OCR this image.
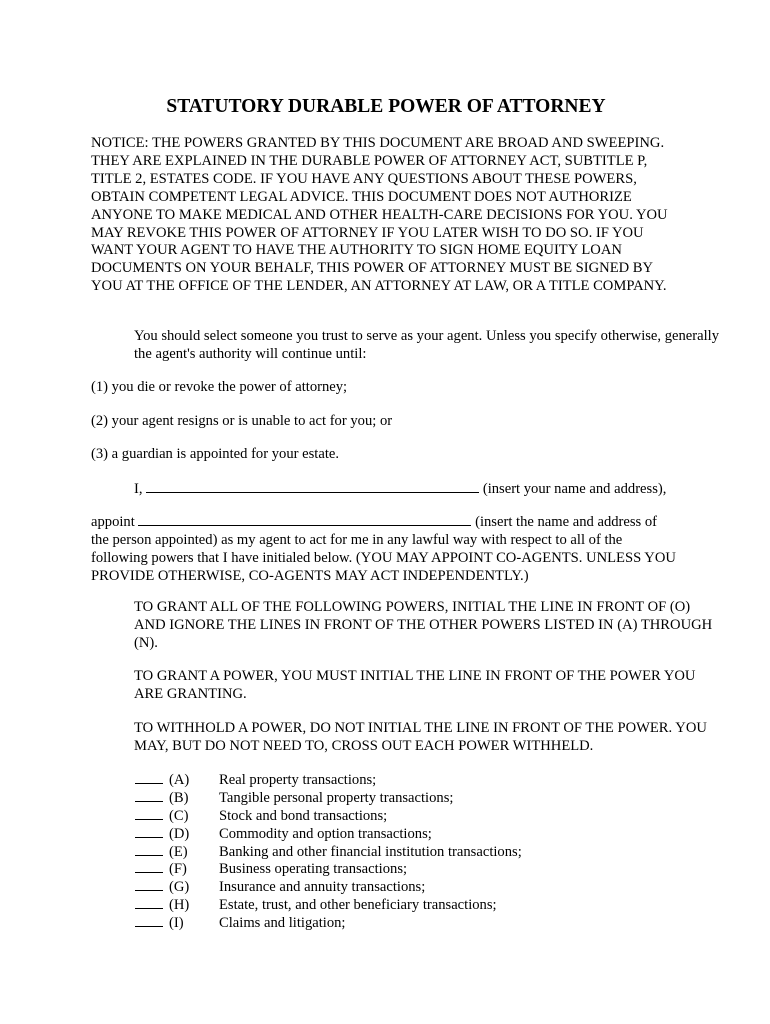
STATUTORY DURABLE POWER OF ATTORNEY
NOTICE: THE POWERS GRANTED BY THIS DOCUMENT ARE BROAD AND SWEEPING. THEY ARE EXPLAINED IN THE DURABLE POWER OF ATTORNEY ACT, SUBTITLE P, TITLE 2, ESTATES CODE. IF YOU HAVE ANY QUESTIONS ABOUT THESE POWERS, OBTAIN COMPETENT LEGAL ADVICE. THIS DOCUMENT DOES NOT AUTHORIZE ANYONE TO MAKE MEDICAL AND OTHER HEALTH-CARE DECISIONS FOR YOU. YOU MAY REVOKE THIS POWER OF ATTORNEY IF YOU LATER WISH TO DO SO. IF YOU WANT YOUR AGENT TO HAVE THE AUTHORITY TO SIGN HOME EQUITY LOAN DOCUMENTS ON YOUR BEHALF, THIS POWER OF ATTORNEY MUST BE SIGNED BY YOU AT THE OFFICE OF THE LENDER, AN ATTORNEY AT LAW, OR A TITLE COMPANY.
You should select someone you trust to serve as your agent. Unless you specify otherwise, generally the agent's authority will continue until:
(1) you die or revoke the power of attorney;
(2) your agent resigns or is unable to act for you; or
(3) a guardian is appointed for your estate.
I,	(insert your name and address),
appoint	(insert the name and address of
the person appointed) as my agent to act for me in any lawful way with respect to all of the following powers that I have initialed below. (YOU MAY APPOINT CO-AGENTS. UNLESS YOU PROVIDE OTHERWISE, CO-AGENTS MAY ACT INDEPENDENTLY.)
TO GRANT ALL OF THE FOLLOWING POWERS, INITIAL THE LINE IN FRONT OF (O) AND IGNORE THE LINES IN FRONT OF THE OTHER POWERS LISTED IN (A) THROUGH (N).
TO GRANT A POWER, YOU MUST INITIAL THE LINE IN FRONT OF THE POWER YOU ARE GRANTING.
TO WITHHOLD A POWER, DO NOT INITIAL THE LINE IN FRONT OF THE POWER. YOU MAY, BUT DO NOT NEED TO, CROSS OUT EACH POWER WITHHELD.
(A) Real property transactions;
(B) Tangible personal property transactions;
(C) Stock and bond transactions;
(D) Commodity and option transactions;
(E) Banking and other financial institution transactions;
(F) Business operating transactions;
(G) Insurance and annuity transactions;
(H) Estate, trust, and other beneficiary transactions;
(I) Claims and litigation;
